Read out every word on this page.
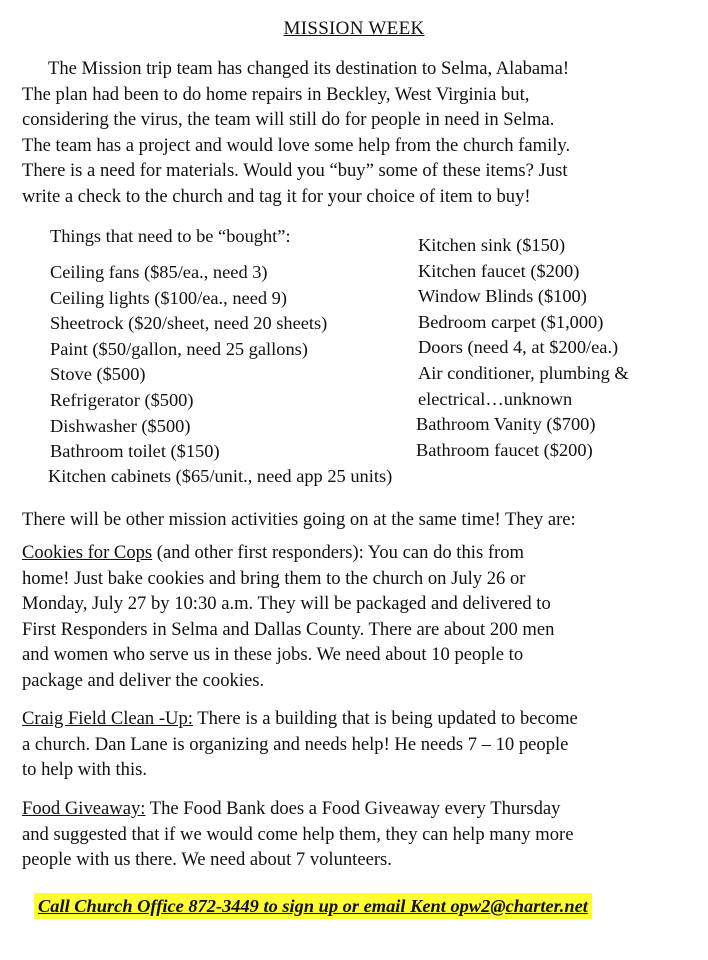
MISSION WEEK
The Mission trip team has changed its destination to Selma, Alabama!
The plan had been to do home repairs in Beckley, West Virginia but,
considering the virus, the team will still do for people in need in Selma.
The team has a project and would love some help from the church family.
There is a need for materials. Would you “buy” some of these items? Just
write a check to the church and tag it for your choice of item to buy!
Things that need to be “bought”:
Ceiling fans ($85/ea., need 3)
Ceiling lights ($100/ea., need 9)
Sheetrock ($20/sheet, need 20 sheets)
Paint ($50/gallon, need 25 gallons)
Stove ($500)
Refrigerator ($500)
Dishwasher ($500)
Bathroom toilet ($150)
Kitchen sink ($150)
Kitchen faucet ($200)
Window Blinds ($100)
Bedroom carpet ($1,000)
Doors (need 4, at $200/ea.)
Air conditioner, plumbing &
electrical…unknown
Bathroom Vanity ($700)
Bathroom faucet ($200)
Kitchen cabinets ($65/unit., need app 25 units)
There will be other mission activities going on at the same time! They are:
Cookies for Cops (and other first responders): You can do this from
home! Just bake cookies and bring them to the church on July 26 or
Monday, July 27 by 10:30 a.m. They will be packaged and delivered to
First Responders in Selma and Dallas County. There are about 200 men
and women who serve us in these jobs. We need about 10 people to
package and deliver the cookies.
Craig Field Clean -Up: There is a building that is being updated to become
a church. Dan Lane is organizing and needs help! He needs 7 – 10 people
to help with this.
Food Giveaway: The Food Bank does a Food Giveaway every Thursday
and suggested that if we would come help them, they can help many more
people with us there. We need about 7 volunteers.
Call Church Office 872-3449 to sign up or email Kent opw2@charter.net
